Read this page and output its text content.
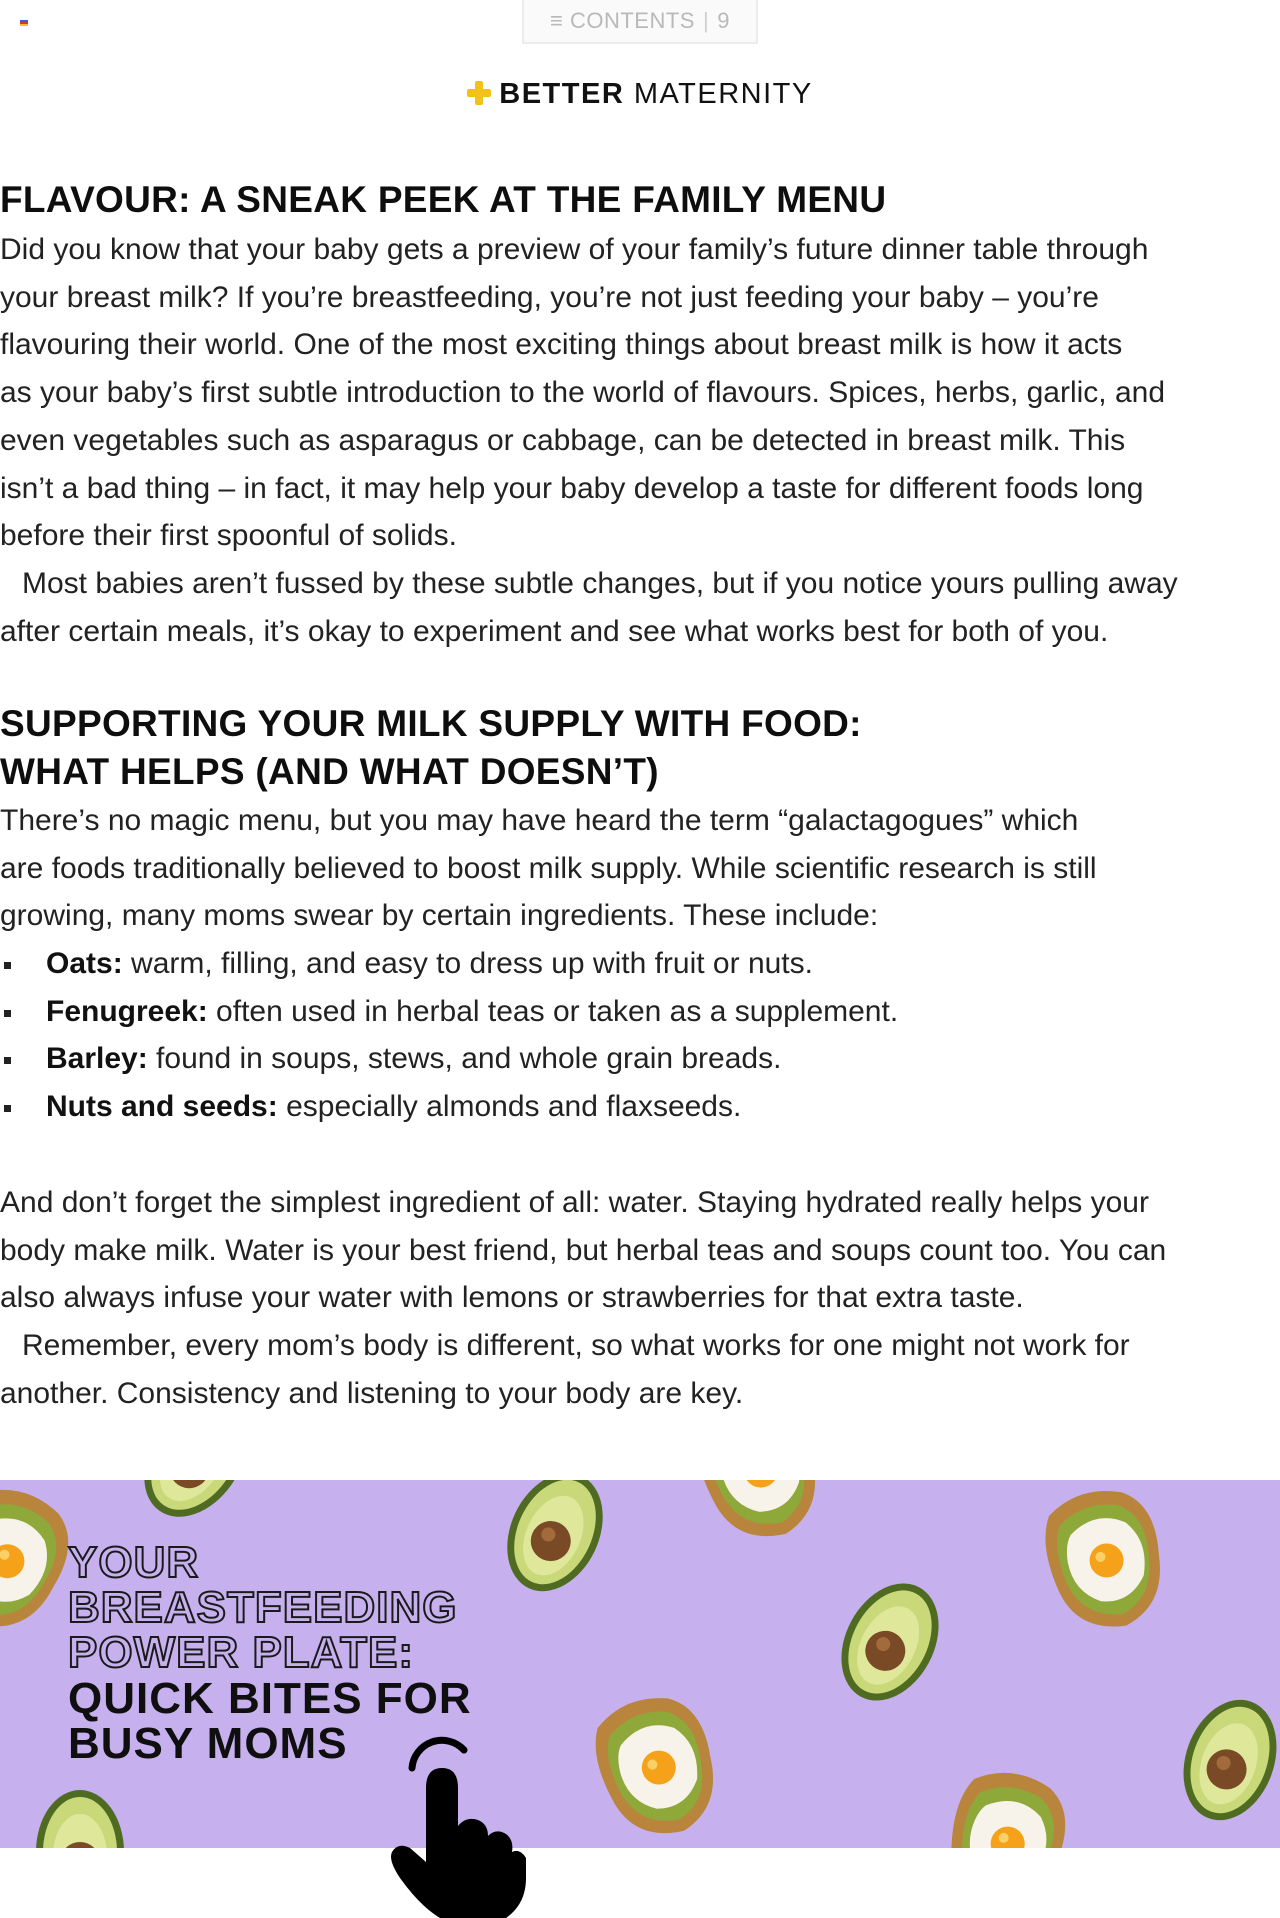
≡ CONTENTS | 9
BETTER MATERNITY
FLAVOUR: A SNEAK PEEK AT THE FAMILY MENU
Did you know that your baby gets a preview of your family’s future dinner table through
your breast milk? If you’re breastfeeding, you’re not just feeding your baby – you’re
flavouring their world. One of the most exciting things about breast milk is how it acts
as your baby’s first subtle introduction to the world of flavours. Spices, herbs, garlic, and
even vegetables such as asparagus or cabbage, can be detected in breast milk. This
isn’t a bad thing – in fact, it may help your baby develop a taste for different foods long
before their first spoonful of solids.
Most babies aren’t fussed by these subtle changes, but if you notice yours pulling away
after certain meals, it’s okay to experiment and see what works best for both of you.
SUPPORTING YOUR MILK SUPPLY WITH FOOD:
WHAT HELPS (AND WHAT DOESN’T)
There’s no magic menu, but you may have heard the term “galactagogues” which
are foods traditionally believed to boost milk supply. While scientific research is still
growing, many moms swear by certain ingredients. These include:
Oats: warm, filling, and easy to dress up with fruit or nuts.
Fenugreek: often used in herbal teas or taken as a supplement.
Barley: found in soups, stews, and whole grain breads.
Nuts and seeds: especially almonds and flaxseeds.
And don’t forget the simplest ingredient of all: water. Staying hydrated really helps your
body make milk. Water is your best friend, but herbal teas and soups count too. You can
also always infuse your water with lemons or strawberries for that extra taste.
Remember, every mom’s body is different, so what works for one might not work for
another. Consistency and listening to your body are key.
YOUR
BREASTFEEDING
POWER PLATE:
QUICK BITES FOR
BUSY MOMS
